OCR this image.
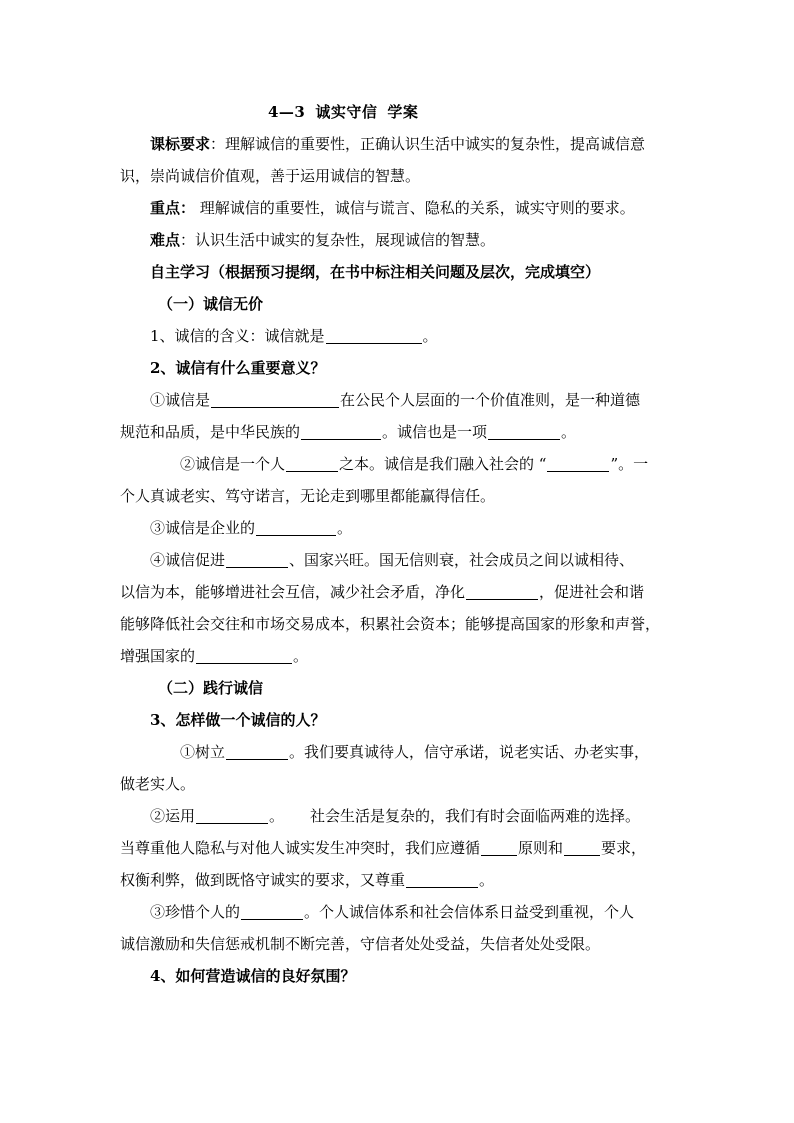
4—3 诚实守信 学案
课标要求：理解诚信的重要性，正确认识生活中诚实的复杂性，提高诚信意
识，崇尚诚信价值观，善于运用诚信的智慧。
重点： 理解诚信的重要性，诚信与谎言、隐私的关系，诚实守则的要求。
难点：认识生活中诚实的复杂性，展现诚信的智慧。
自主学习（根据预习提纲，在书中标注相关问题及层次，完成填空）
（一）诚信无价
1、诚信的含义：诚信就是	。
2、诚信有什么重要意义？
①诚信是	在公民个人层面的一个价值准则，是一种道德
规范和品质，是中华民族的	。诚信也是一项	。
②诚信是一个人	之本。诚信是我们融入社会的 “	”。一
个人真诚老实、笃守诺言，无论走到哪里都能赢得信任。
③诚信是企业的	。
④诚信促进	、国家兴旺。国无信则衰，社会成员之间以诚相待、
以信为本，能够增进社会互信，减少社会矛盾，净化	，促进社会和谐
能够降低社会交往和市场交易成本，积累社会资本；能够提高国家的形象和声誉，
增强国家的	。
（二）践行诚信
3、怎样做一个诚信的人？
①树立	。我们要真诚待人，信守承诺，说老实话、办老实事，
做老实人。
②运用	。 社会生活是复杂的，我们有时会面临两难的选择。
当尊重他人隐私与对他人诚实发生冲突时，我们应遵循	原则和	要求，
权衡利弊，做到既恪守诚实的要求，又尊重	。
③珍惜个人的	。个人诚信体系和社会信体系日益受到重视，个人
诚信激励和失信惩戒机制不断完善，守信者处处受益，失信者处处受限。
4、如何营造诚信的良好氛围？
